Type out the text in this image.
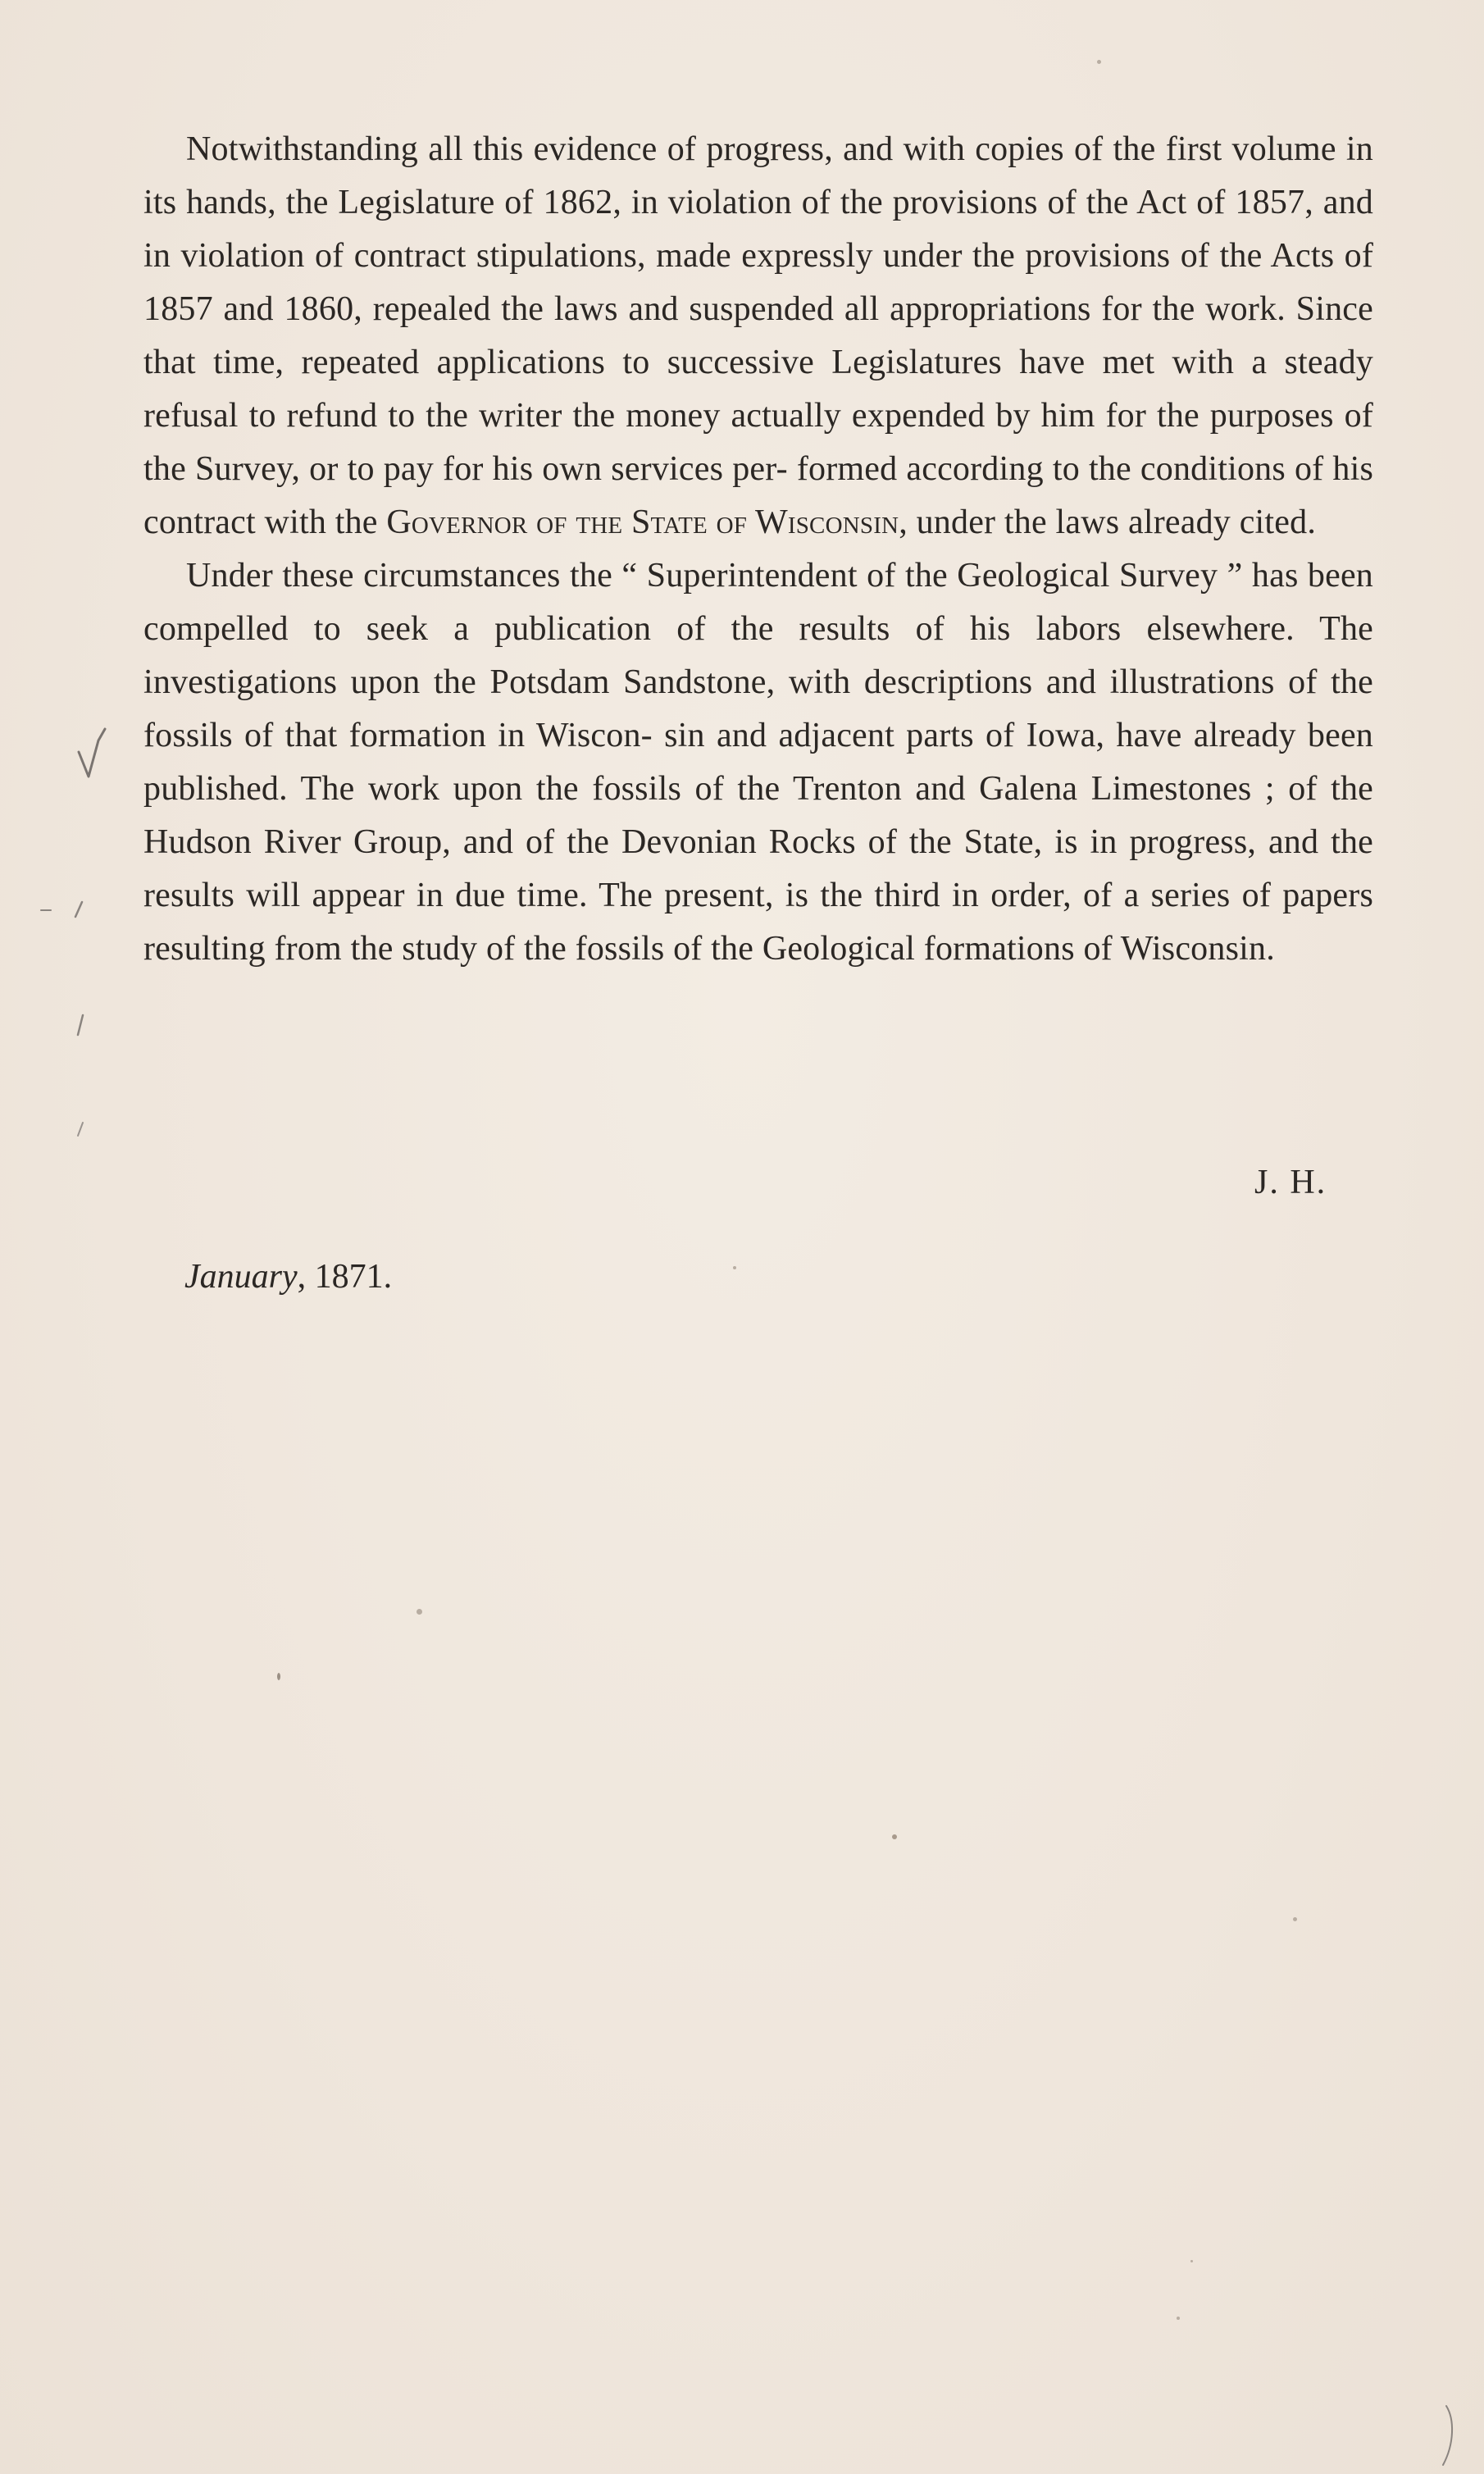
Notwithstanding all this evidence of progress, and with copies of the first volume in its hands, the Legislature of 1862, in violation of the provisions of the Act of 1857, and in violation of contract stipulations, made expressly under the provisions of the Acts of 1857 and 1860, repealed the laws and suspended all appropriations for the work. Since that time, repeated applications to successive Legislatures have met with a steady refusal to refund to the writer the money actually expended by him for the purposes of the Survey, or to pay for his own services per- formed according to the conditions of his contract with the Governor of the State of Wisconsin, under the laws already cited.

Under these circumstances the “ Superintendent of the Geological Survey ” has been compelled to seek a publication of the results of his labors elsewhere. The investigations upon the Potsdam Sandstone, with descriptions and illustrations of the fossils of that formation in Wiscon- sin and adjacent parts of Iowa, have already been published. The work upon the fossils of the Trenton and Galena Limestones ; of the Hudson River Group, and of the Devonian Rocks of the State, is in progress, and the results will appear in due time. The present, is the third in order, of a series of papers resulting from the study of the fossils of the Geological formations of Wisconsin.

J. H.
January, 1871.
